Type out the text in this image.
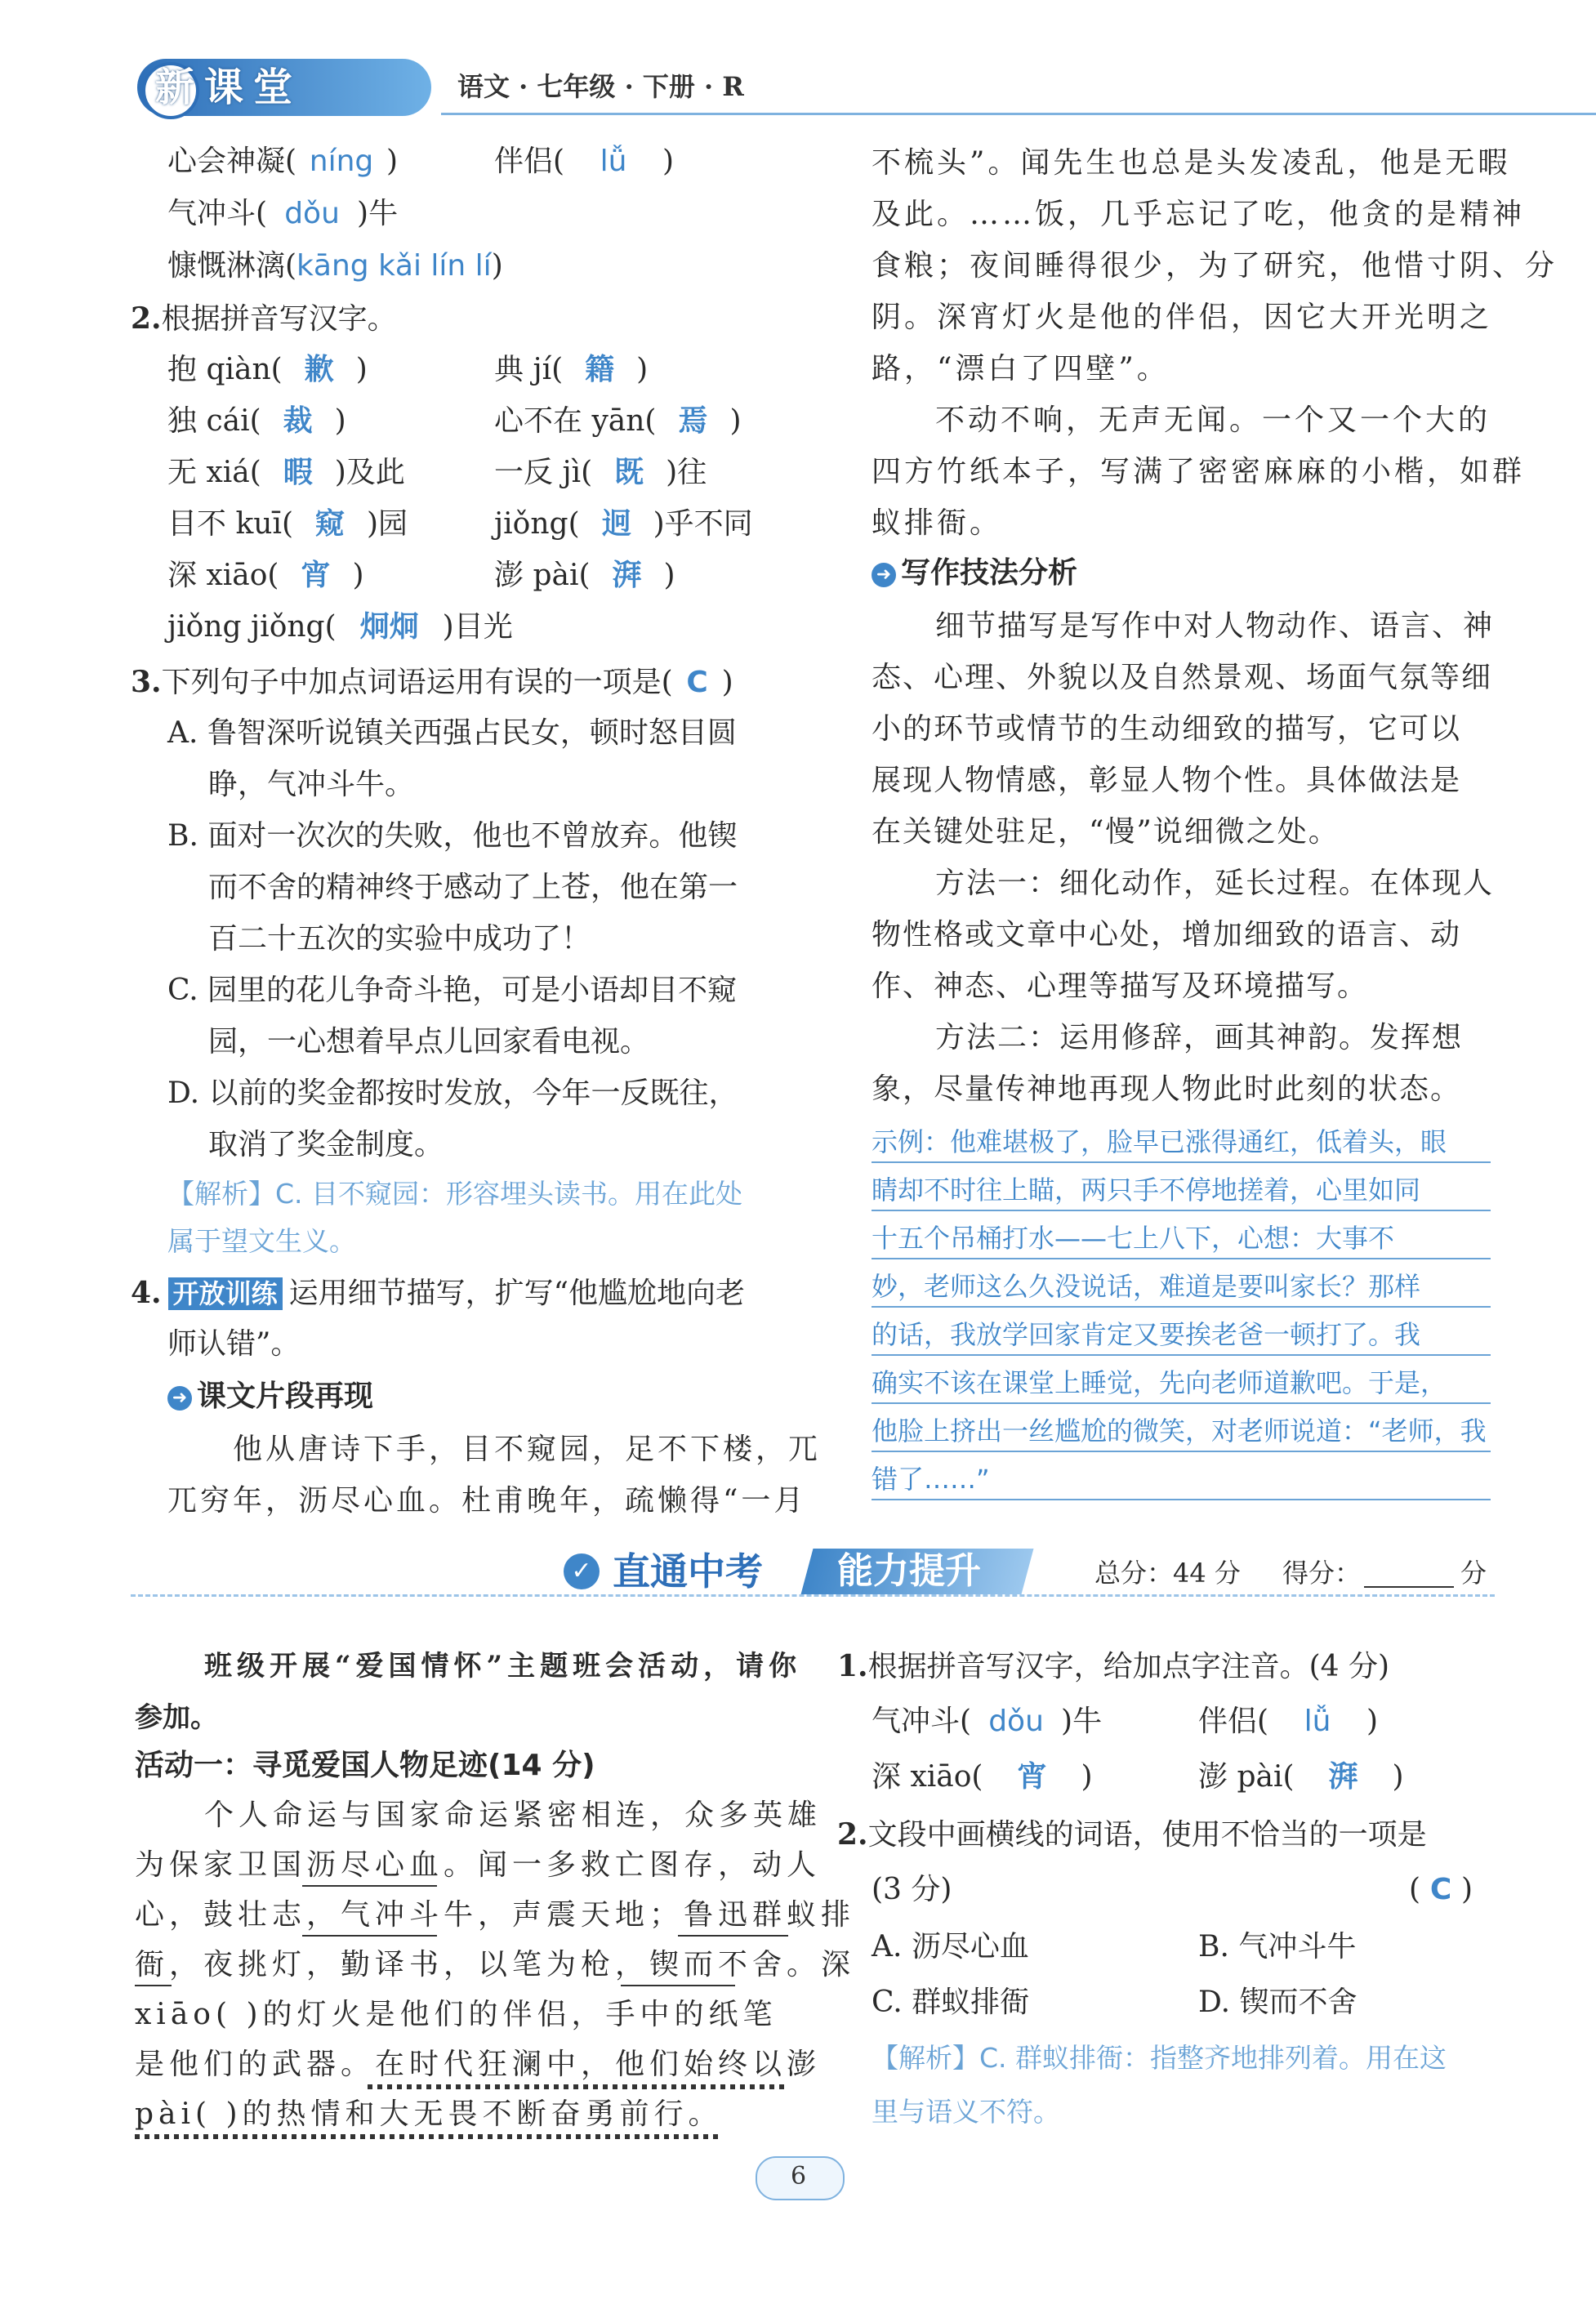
新课堂	语文 · 七年级 · 下册 · R
心会神凝( níng )	伴侣( lǚ )
气冲斗( dǒu )牛
慷慨淋漓(kāng kǎi lín lí)
2.根据拼音写汉字。
抱 qiàn( 歉 )	典 jí( 籍 )
独 cái( 裁 )	心不在 yān( 焉 )
无 xiá( 暇 )及此	一反 jì( 既 )往
目不 kuī( 窥 )园	jiǒng( 迥 )乎不同
深 xiāo( 宵 )	澎 pài( 湃 )
jiǒng jiǒng( 炯炯 )目光
3.下列句子中加点词语运用有误的一项是( C )
A. 鲁智深听说镇关西强占民女，顿时怒目圆
睁，气冲斗牛。
B. 面对一次次的失败，他也不曾放弃。他锲
而不舍的精神终于感动了上苍，他在第一
百二十五次的实验中成功了！
C. 园里的花儿争奇斗艳，可是小语却目不窥
园，一心想着早点儿回家看电视。
D. 以前的奖金都按时发放，今年一反既往，
取消了奖金制度。
【解析】C. 目不窥园：形容埋头读书。用在此处
属于望文生义。
4. 开放训练 运用细节描写，扩写“他尴尬地向老
师认错”。
➜ 课文片段再现
他从唐诗下手，目不窥园，足不下楼，兀
兀穷年，沥尽心血。杜甫晚年，疏懒得“一月
不梳头”。闻先生也总是头发凌乱，他是无暇
及此。……饭，几乎忘记了吃，他贪的是精神
食粮；夜间睡得很少，为了研究，他惜寸阴、分
阴。深宵灯火是他的伴侣，因它大开光明之
路，“漂白了四壁”。
不动不响，无声无闻。一个又一个大的
四方竹纸本子，写满了密密麻麻的小楷，如群
蚁排衙。
➜ 写作技法分析
细节描写是写作中对人物动作、语言、神
态、心理、外貌以及自然景观、场面气氛等细
小的环节或情节的生动细致的描写，它可以
展现人物情感，彰显人物个性。具体做法是
在关键处驻足，“慢”说细微之处。
方法一：细化动作，延长过程。在体现人
物性格或文章中心处，增加细致的语言、动
作、神态、心理等描写及环境描写。
方法二：运用修辞，画其神韵。发挥想
象，尽量传神地再现人物此时此刻的状态。
示例：他难堪极了，脸早已涨得通红，低着头，眼
睛却不时往上瞄，两只手不停地搓着，心里如同
十五个吊桶打水——七上八下，心想：大事不
妙，老师这么久没说话，难道是要叫家长？那样
的话，我放学回家肯定又要挨老爸一顿打了。我
确实不该在课堂上睡觉，先向老师道歉吧。于是，
他脸上挤出一丝尴尬的微笑，对老师说道：“老师，我
错了……”
✓ 直通中考 能力提升	总分：44 分 得分：	分
班级开展“爱国情怀”主题班会活动，请你
参加。
活动一：寻觅爱国人物足迹(14 分)
个人命运与国家命运紧密相连，众多英雄
为保家卫国沥尽心血。闻一多救亡图存，动人
心，鼓壮志，气冲斗牛，声震天地；鲁迅群蚁排
衙，夜挑灯，勤译书，以笔为枪，锲而不舍。深
xiāo( )的灯火是他们的伴侣，手中的纸笔
是他们的武器。在时代狂澜中，他们始终以澎
pài( )的热情和大无畏不断奋勇前行。
1.根据拼音写汉字，给加点字注音。(4 分)
气冲斗( dǒu )牛	伴侣( lǚ )
深 xiāo( 宵 )	澎 pài( 湃 )
2.文段中画横线的词语，使用不恰当的一项是
(3 分)	( C )
A. 沥尽心血	B. 气冲斗牛
C. 群蚁排衙	D. 锲而不舍
【解析】C. 群蚁排衙：指整齐地排列着。用在这
里与语义不符。
6
